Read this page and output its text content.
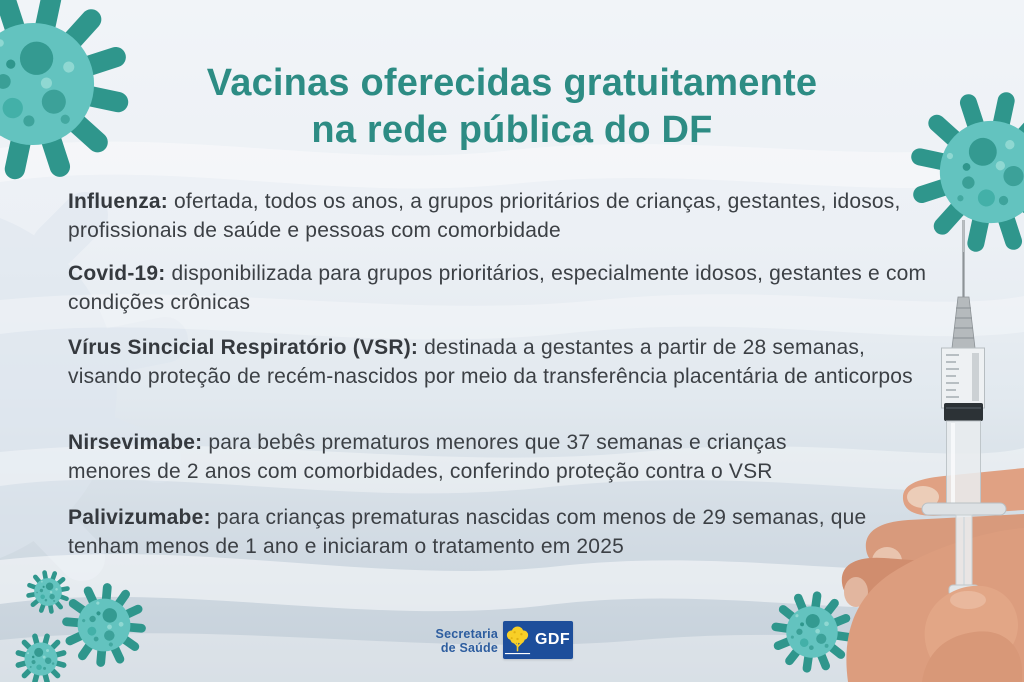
Vacinas oferecidas gratuitamente
na rede pública do DF
Influenza: ofertada, todos os anos, a grupos prioritários de crianças, gestantes, idosos, profissionais de saúde e pessoas com comorbidade
Covid-19: disponibilizada para grupos prioritários, especialmente idosos, gestantes e com condições crônicas
Vírus Sincicial Respiratório (VSR): destinada a gestantes a partir de 28 semanas, visando proteção de recém-nascidos por meio da transferência placentária de anticorpos
Nirsevimabe: para bebês prematuros menores que 37 semanas e crianças menores de 2 anos com comorbidades, conferindo proteção contra o VSR
Palivizumabe: para crianças prematuras nascidas com menos de 29 semanas, que tenham menos de 1 ano e iniciaram o tratamento em 2025
Secretaria
de Saúde GDF
